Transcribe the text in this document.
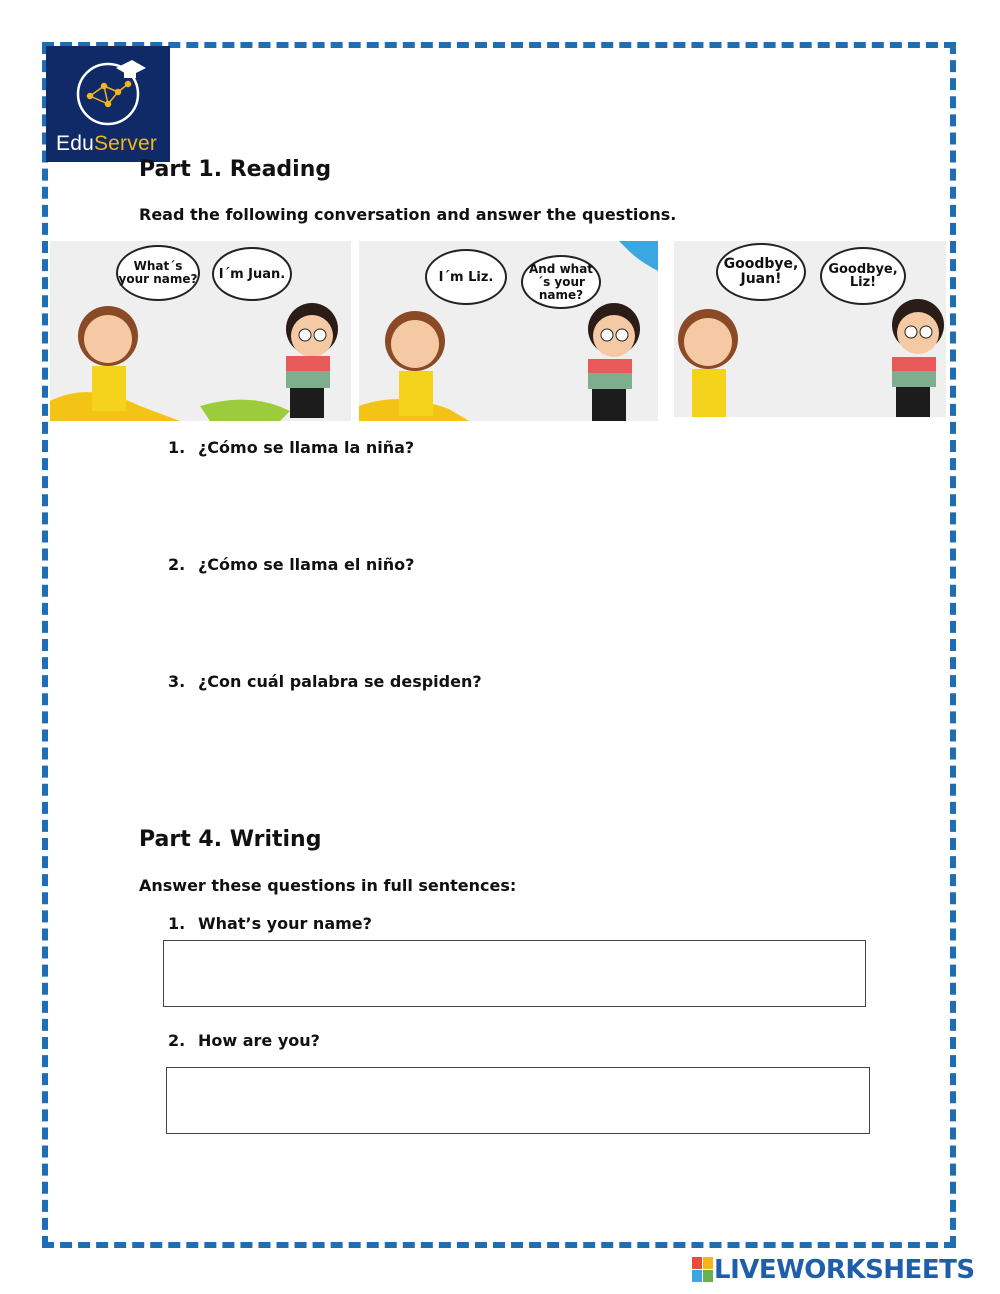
EduServer
Part 1. Reading
Read the following conversation and answer the questions.
What´s your name?	I´m Juan.	I´m Liz.
And what´s your name?
Goodbye, Juan!
Goodbye, Liz!
1. ¿Cómo se llama la niña?
2. ¿Cómo se llama el niño?
3. ¿Con cuál palabra se despiden?
Part 4. Writing
Answer these questions in full sentences:
1. What’s your name?
2. How are you?
LIVEWORKSHEETS
